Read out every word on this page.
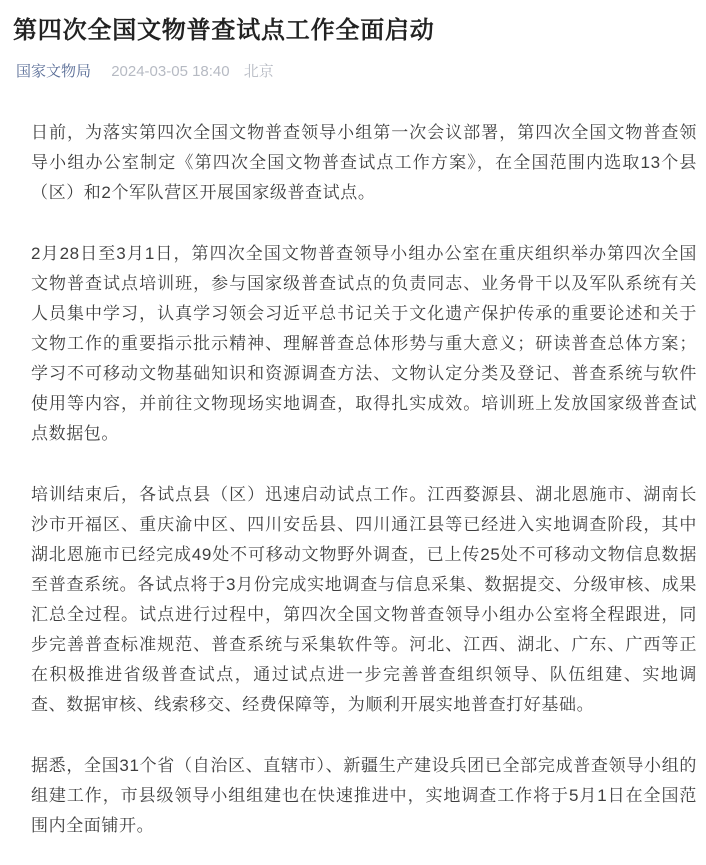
第四次全国文物普查试点工作全面启动
国家文物局 2024-03-05 18:40 北京

日前，为落实第四次全国文物普查领导小组第一次会议部署，第四次全国文物普查领导小组办公室制定《第四次全国文物普查试点工作方案》，在全国范围内选取13个县（区）和2个军队营区开展国家级普查试点。

2月28日至3月1日，第四次全国文物普查领导小组办公室在重庆组织举办第四次全国文物普查试点培训班，参与国家级普查试点的负责同志、业务骨干以及军队系统有关人员集中学习，认真学习领会习近平总书记关于文化遗产保护传承的重要论述和关于文物工作的重要指示批示精神、理解普查总体形势与重大意义；研读普查总体方案；学习不可移动文物基础知识和资源调查方法、文物认定分类及登记、普查系统与软件使用等内容，并前往文物现场实地调查，取得扎实成效。培训班上发放国家级普查试点数据包。

培训结束后，各试点县（区）迅速启动试点工作。江西婺源县、湖北恩施市、湖南长沙市开福区、重庆渝中区、四川安岳县、四川通江县等已经进入实地调查阶段，其中湖北恩施市已经完成49处不可移动文物野外调查，已上传25处不可移动文物信息数据至普查系统。各试点将于3月份完成实地调查与信息采集、数据提交、分级审核、成果汇总全过程。试点进行过程中，第四次全国文物普查领导小组办公室将全程跟进，同步完善普查标准规范、普查系统与采集软件等。河北、江西、湖北、广东、广西等正在积极推进省级普查试点，通过试点进一步完善普查组织领导、队伍组建、实地调查、数据审核、线索移交、经费保障等，为顺利开展实地普查打好基础。

据悉，全国31个省（自治区、直辖市）、新疆生产建设兵团已全部完成普查领导小组的组建工作，市县级领导小组组建也在快速推进中，实地调查工作将于5月1日在全国范围内全面铺开。
